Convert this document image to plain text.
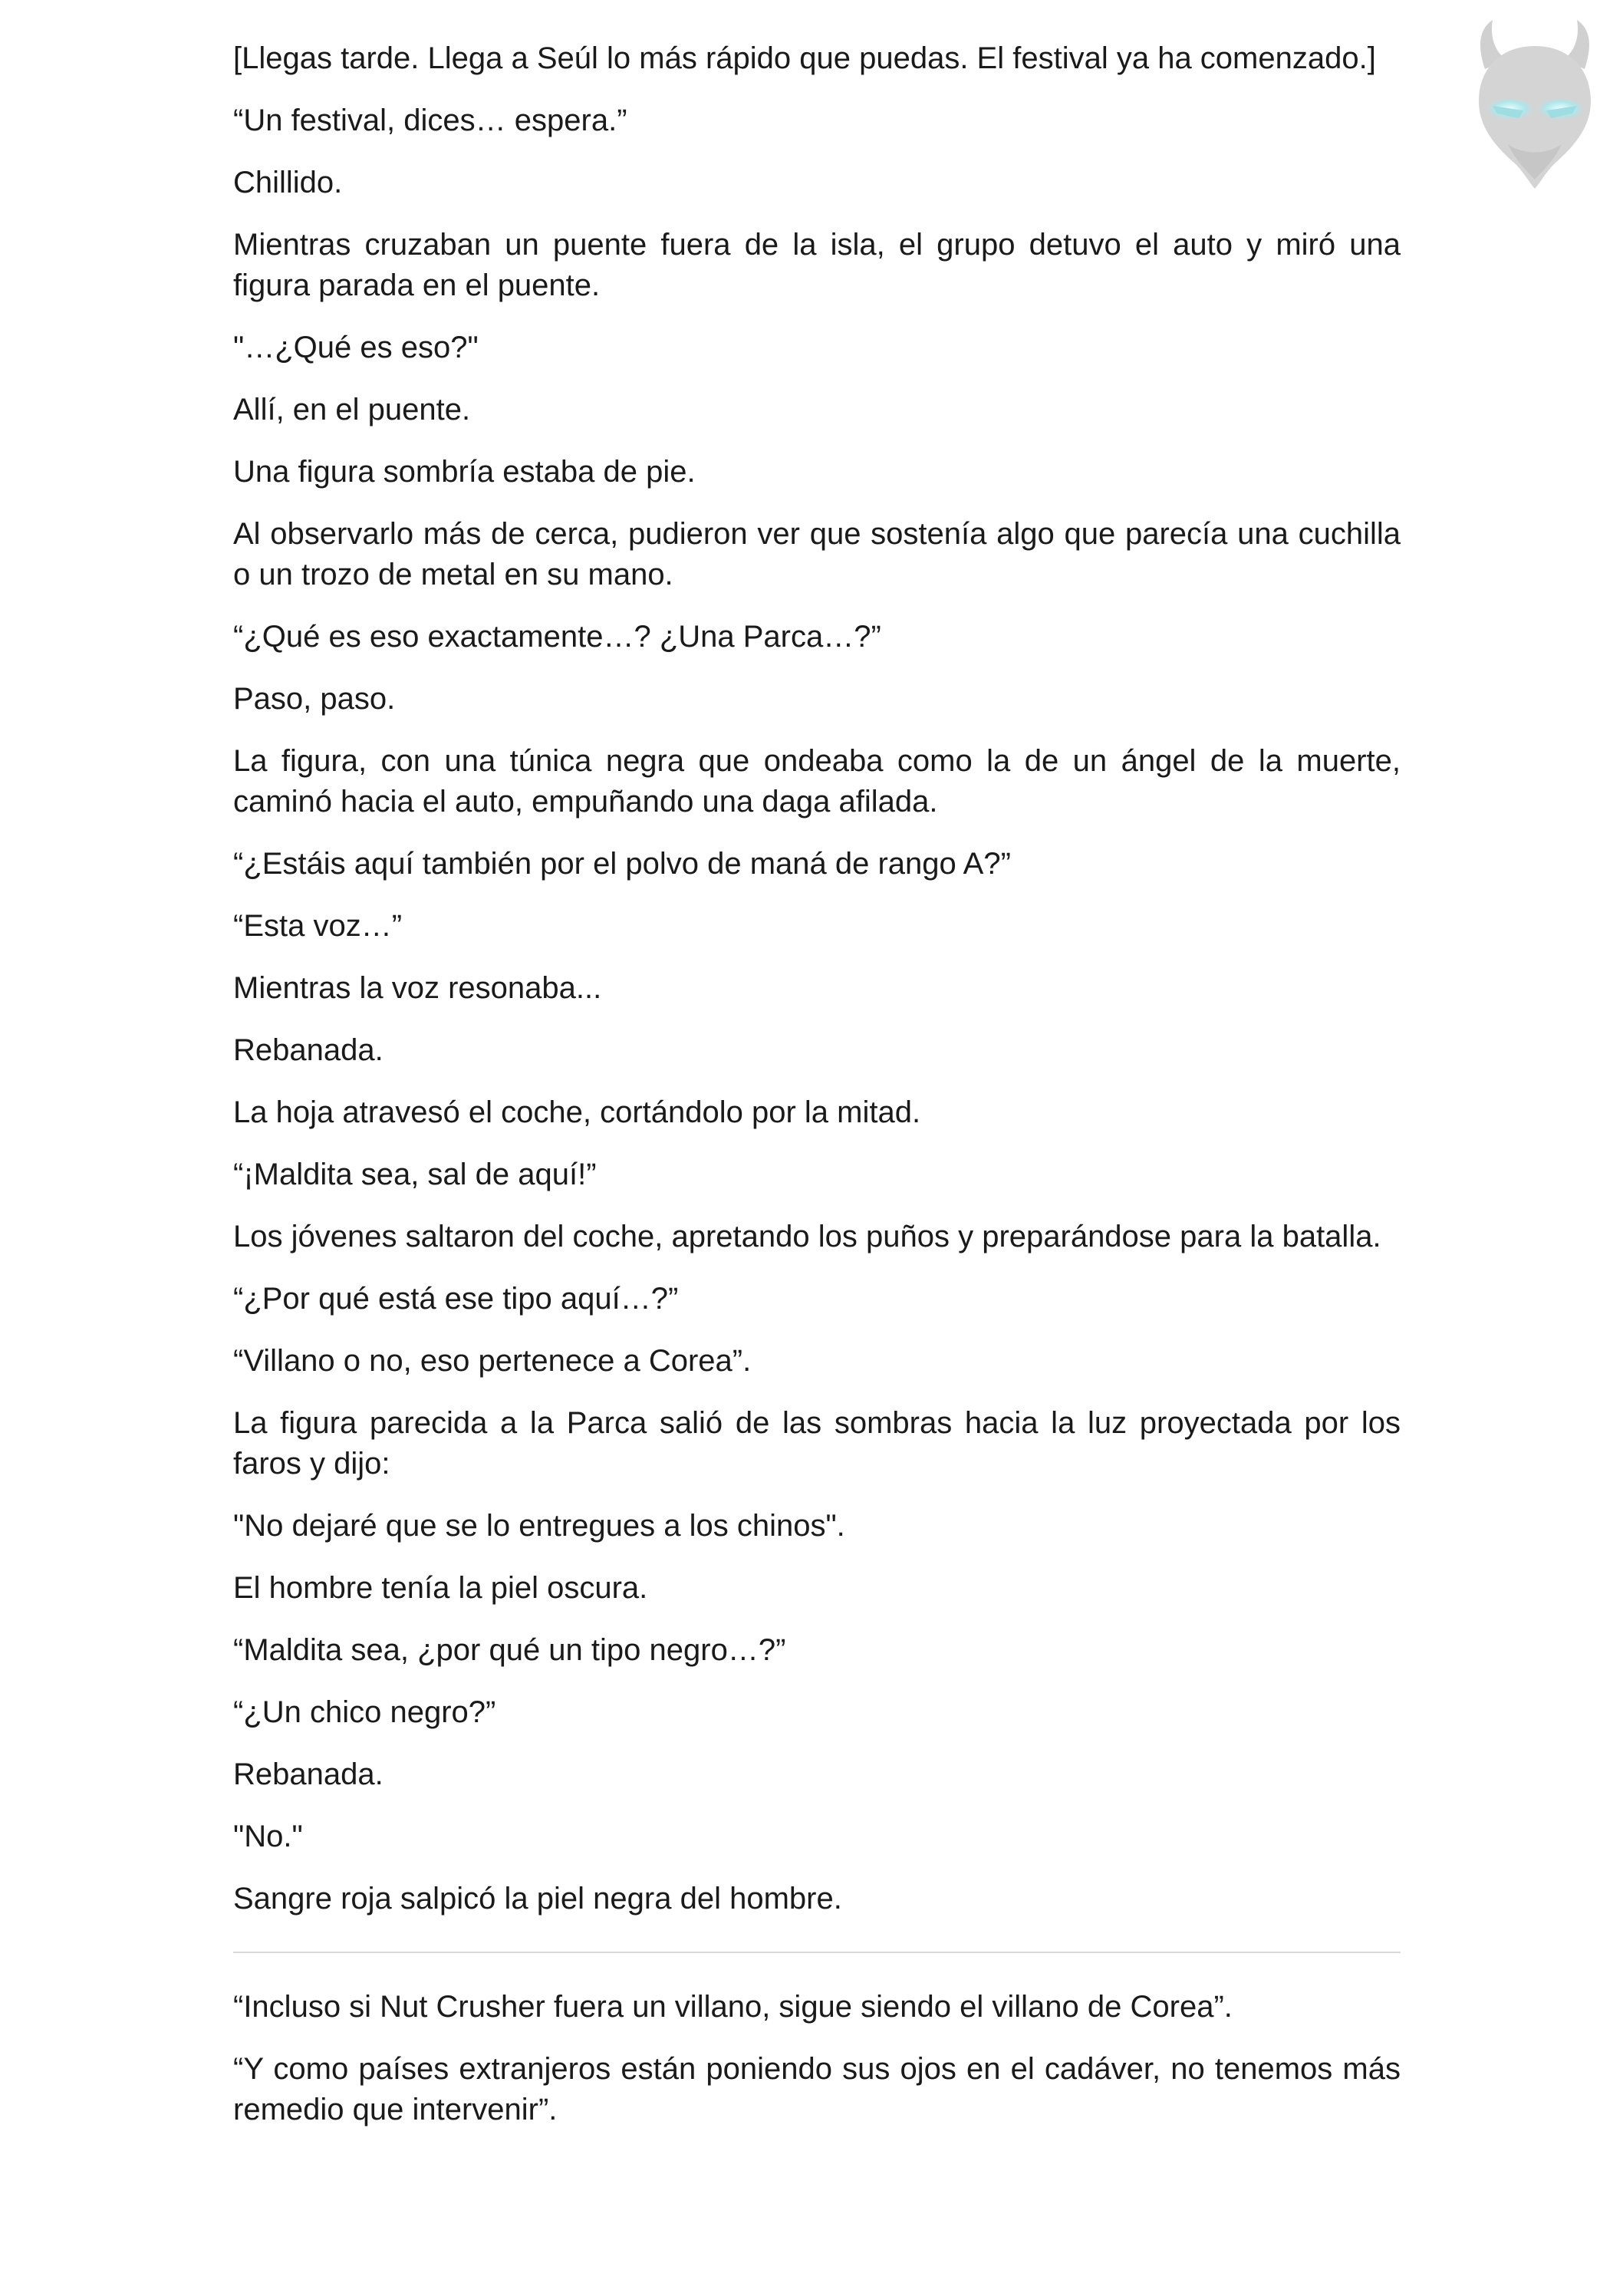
[Llegas tarde. Llega a Seúl lo más rápido que puedas. El festival ya ha comenzado.]

“Un festival, dices… espera.”

Chillido.

Mientras cruzaban un puente fuera de la isla, el grupo detuvo el auto y miró una figura parada en el puente.

"…¿Qué es eso?"

Allí, en el puente.

Una figura sombría estaba de pie.

Al observarlo más de cerca, pudieron ver que sostenía algo que parecía una cuchilla o un trozo de metal en su mano.

“¿Qué es eso exactamente…? ¿Una Parca…?”

Paso, paso.

La figura, con una túnica negra que ondeaba como la de un ángel de la muerte, caminó hacia el auto, empuñando una daga afilada.

“¿Estáis aquí también por el polvo de maná de rango A?”

“Esta voz…”

Mientras la voz resonaba...

Rebanada.

La hoja atravesó el coche, cortándolo por la mitad.

“¡Maldita sea, sal de aquí!”

Los jóvenes saltaron del coche, apretando los puños y preparándose para la batalla.

“¿Por qué está ese tipo aquí…?”

“Villano o no, eso pertenece a Corea”.

La figura parecida a la Parca salió de las sombras hacia la luz proyectada por los faros y dijo:

"No dejaré que se lo entregues a los chinos".

El hombre tenía la piel oscura.

“Maldita sea, ¿por qué un tipo negro…?”

“¿Un chico negro?”

Rebanada.

"No."

Sangre roja salpicó la piel negra del hombre.

“Incluso si Nut Crusher fuera un villano, sigue siendo el villano de Corea”.

“Y como países extranjeros están poniendo sus ojos en el cadáver, no tenemos más remedio que intervenir”.
